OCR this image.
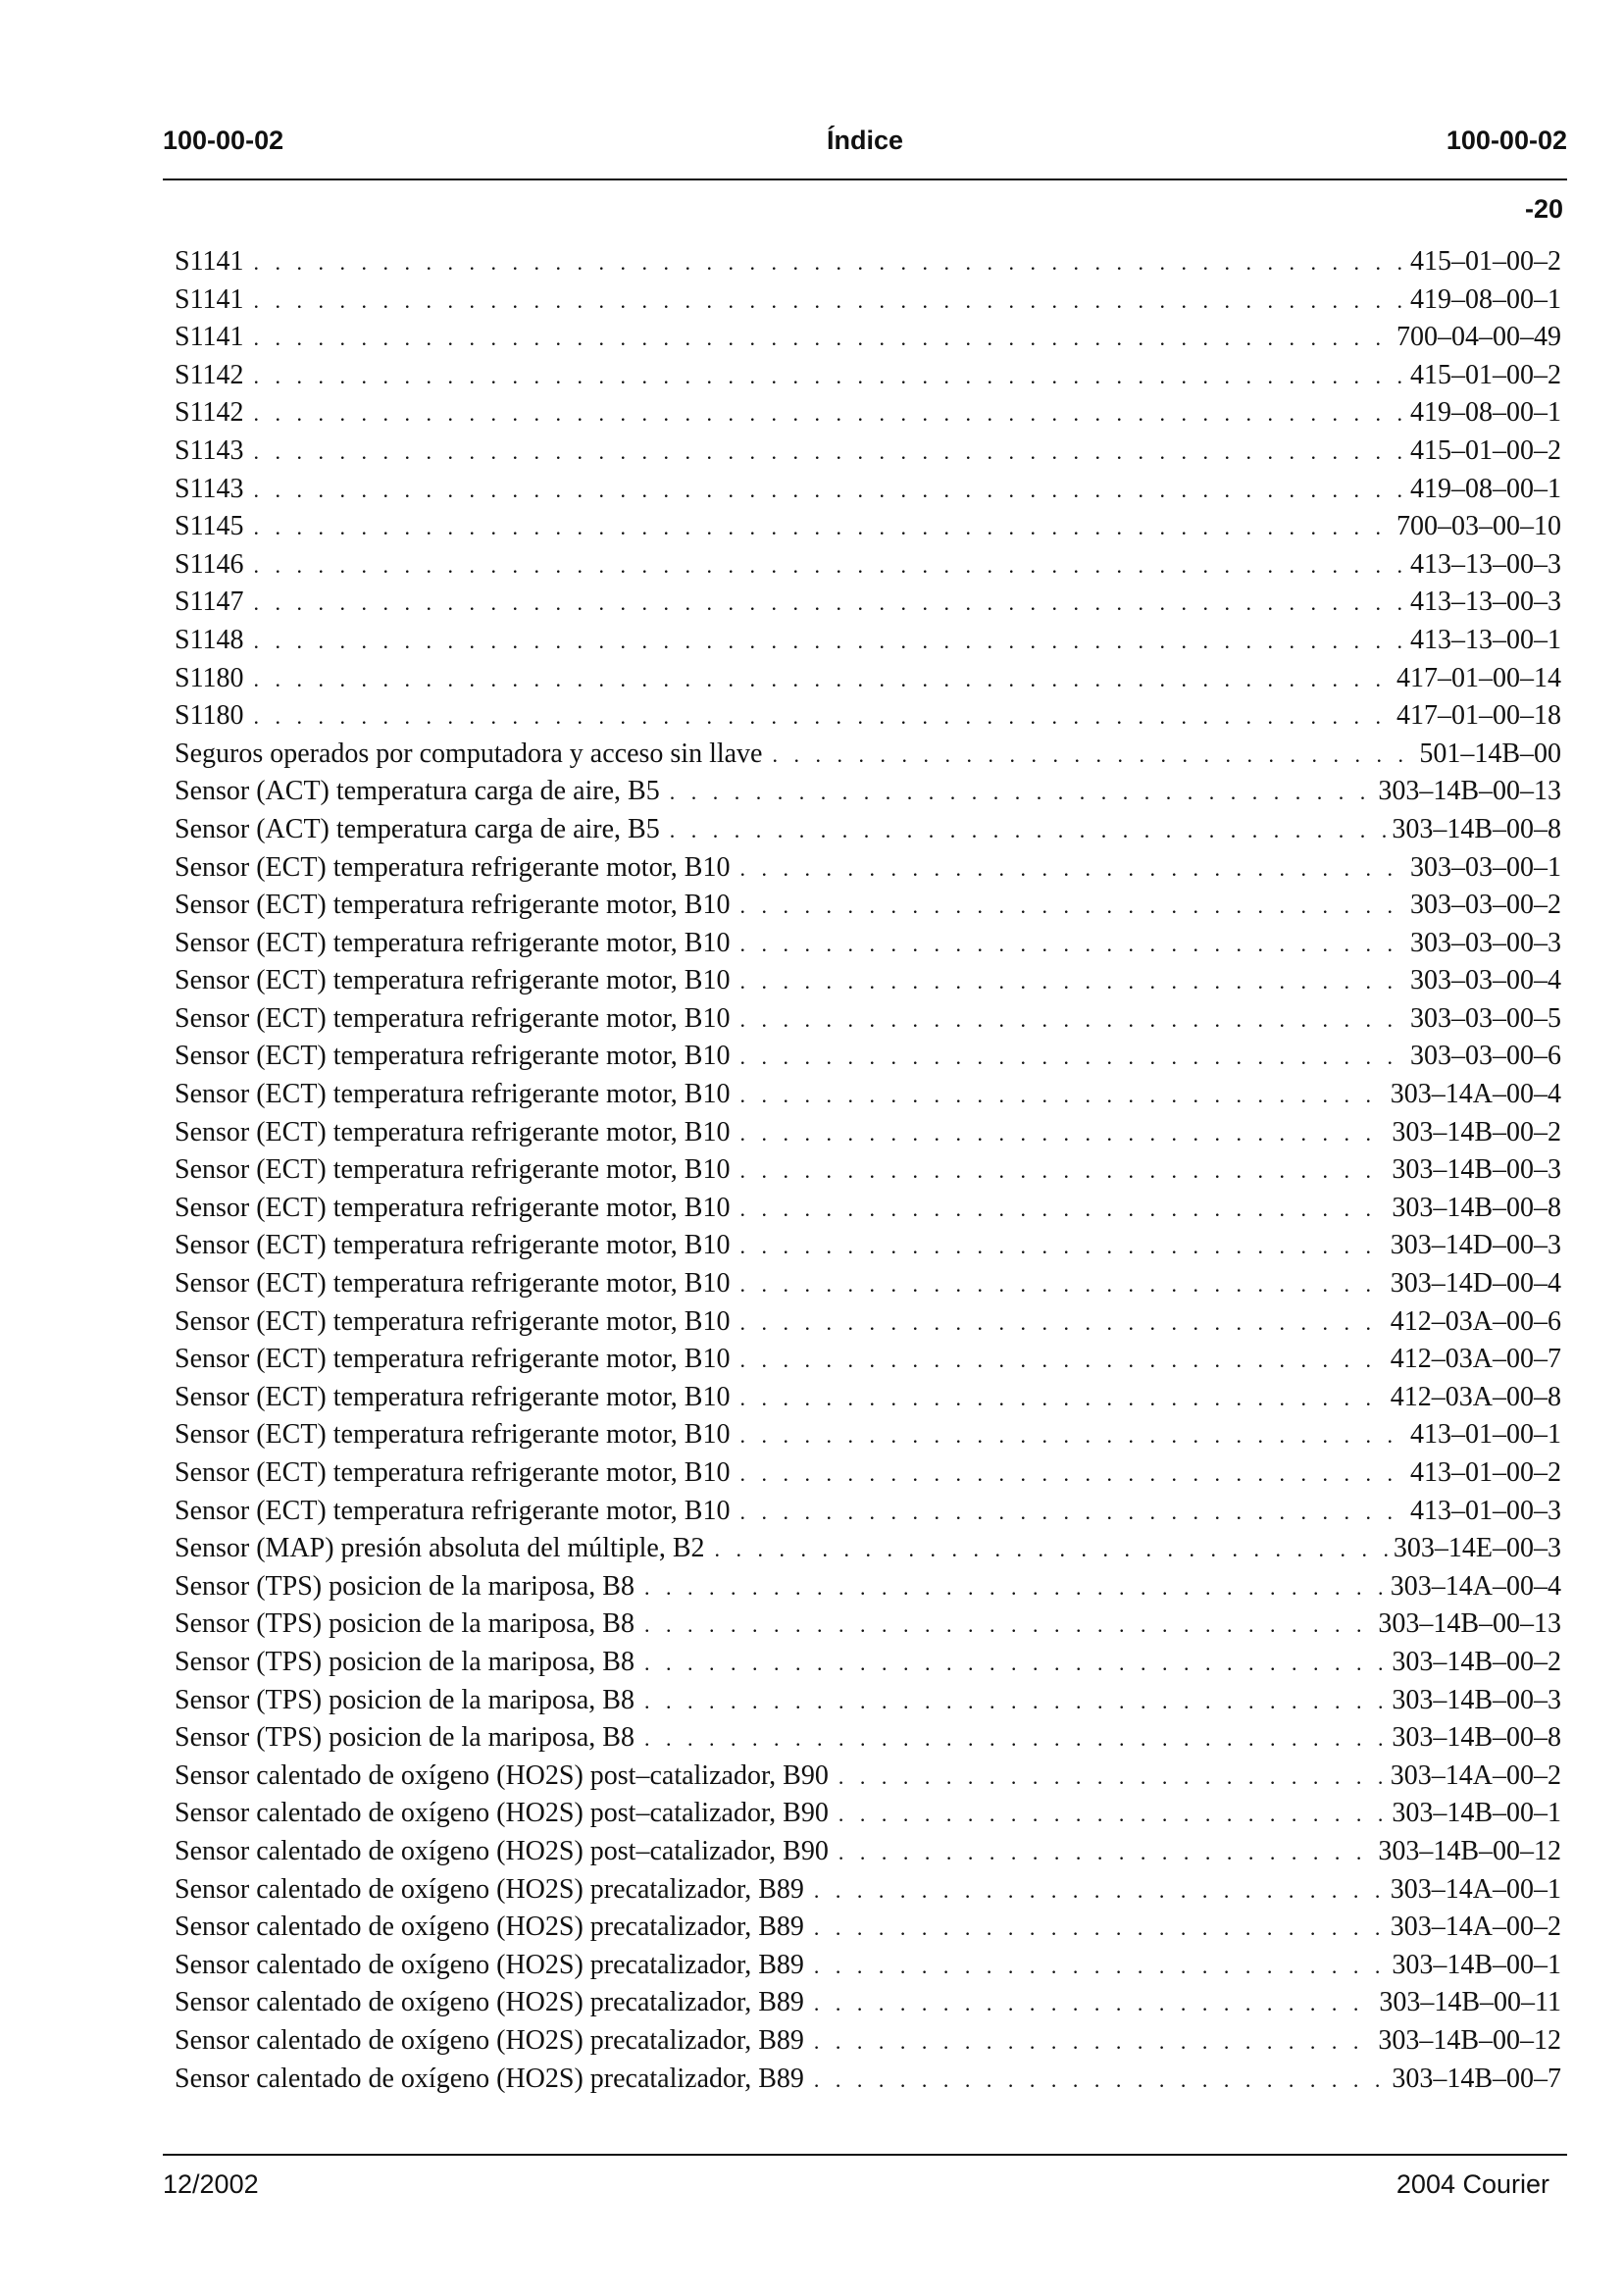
100-00-02	Índice	100-00-02
-20
S1141 . . .	415–01–00–2
S1141 . . .	419–08–00–1
S1141 . . .	700–04–00–49
S1142 . . .	415–01–00–2
S1142 . . .	419–08–00–1
S1143 . . .	415–01–00–2
S1143 . . .	419–08–00–1
S1145 . . .	700–03–00–10
S1146 . . .	413–13–00–3
S1147 . . .	413–13–00–3
S1148 . . .	413–13–00–1
S1180 . . .	417–01–00–14
S1180 . . .	417–01–00–18
Seguros operados por computadora y acceso sin llave . . .	501–14B–00
Sensor (ACT) temperatura carga de aire, B5 . . .	303–14B–00–13
Sensor (ACT) temperatura carga de aire, B5 . . .	303–14B–00–8
Sensor (ECT) temperatura refrigerante motor, B10 . . .	303–03–00–1
Sensor (ECT) temperatura refrigerante motor, B10 . . .	303–03–00–2
Sensor (ECT) temperatura refrigerante motor, B10 . . .	303–03–00–3
Sensor (ECT) temperatura refrigerante motor, B10 . . .	303–03–00–4
Sensor (ECT) temperatura refrigerante motor, B10 . . .	303–03–00–5
Sensor (ECT) temperatura refrigerante motor, B10 . . .	303–03–00–6
Sensor (ECT) temperatura refrigerante motor, B10 . . .	303–14A–00–4
Sensor (ECT) temperatura refrigerante motor, B10 . . .	303–14B–00–2
Sensor (ECT) temperatura refrigerante motor, B10 . . .	303–14B–00–3
Sensor (ECT) temperatura refrigerante motor, B10 . . .	303–14B–00–8
Sensor (ECT) temperatura refrigerante motor, B10 . . .	303–14D–00–3
Sensor (ECT) temperatura refrigerante motor, B10 . . .	303–14D–00–4
Sensor (ECT) temperatura refrigerante motor, B10 . . .	412–03A–00–6
Sensor (ECT) temperatura refrigerante motor, B10 . . .	412–03A–00–7
Sensor (ECT) temperatura refrigerante motor, B10 . . .	412–03A–00–8
Sensor (ECT) temperatura refrigerante motor, B10 . . .	413–01–00–1
Sensor (ECT) temperatura refrigerante motor, B10 . . .	413–01–00–2
Sensor (ECT) temperatura refrigerante motor, B10 . . .	413–01–00–3
Sensor (MAP) presión absoluta del múltiple, B2 . . .	303–14E–00–3
Sensor (TPS) posicion de la mariposa, B8 . . .	303–14A–00–4
Sensor (TPS) posicion de la mariposa, B8 . . .	303–14B–00–13
Sensor (TPS) posicion de la mariposa, B8 . . .	303–14B–00–2
Sensor (TPS) posicion de la mariposa, B8 . . .	303–14B–00–3
Sensor (TPS) posicion de la mariposa, B8 . . .	303–14B–00–8
Sensor calentado de oxígeno (HO2S) post–catalizador, B90 . . .	303–14A–00–2
Sensor calentado de oxígeno (HO2S) post–catalizador, B90 . . .	303–14B–00–1
Sensor calentado de oxígeno (HO2S) post–catalizador, B90 . . .	303–14B–00–12
Sensor calentado de oxígeno (HO2S) precatalizador, B89 . . .	303–14A–00–1
Sensor calentado de oxígeno (HO2S) precatalizador, B89 . . .	303–14A–00–2
Sensor calentado de oxígeno (HO2S) precatalizador, B89 . . .	303–14B–00–1
Sensor calentado de oxígeno (HO2S) precatalizador, B89 . . .	303–14B–00–11
Sensor calentado de oxígeno (HO2S) precatalizador, B89 . . .	303–14B–00–12
Sensor calentado de oxígeno (HO2S) precatalizador, B89 . . .	303–14B–00–7
12/2002	2004 Courier
